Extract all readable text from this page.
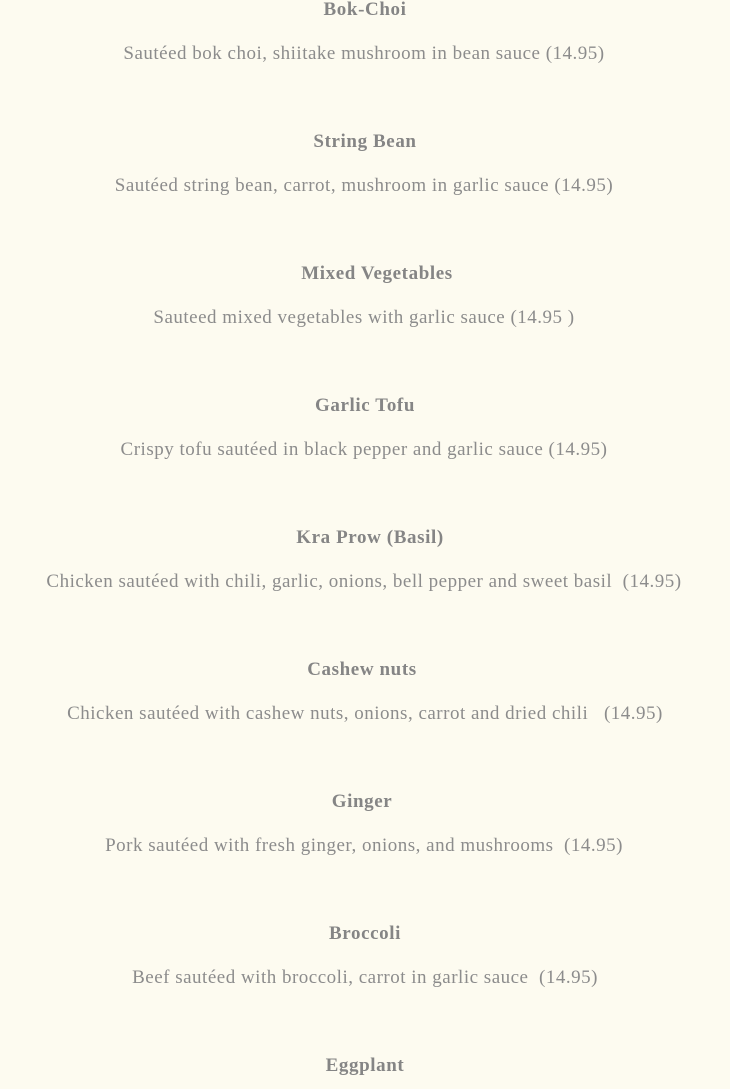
Bok-Choi
Sautéed bok choi, shiitake mushroom in bean sauce (14.95)
String Bean
Sautéed string bean, carrot, mushroom in garlic sauce (14.95)
Mixed Vegetables
Sauteed mixed vegetables with garlic sauce (14.95 )
Garlic Tofu
Crispy tofu sautéed in black pepper and garlic sauce (14.95)
Kra Prow (Basil)
Chicken sautéed with chili, garlic, onions, bell pepper and sweet basil  (14.95)
Cashew nuts
Chicken sautéed with cashew nuts, onions, carrot and dried chili   (14.95)
Ginger
Pork sautéed with fresh ginger, onions, and mushrooms  (14.95)
Broccoli
Beef sautéed with broccoli, carrot in garlic sauce  (14.95)
Eggplant
